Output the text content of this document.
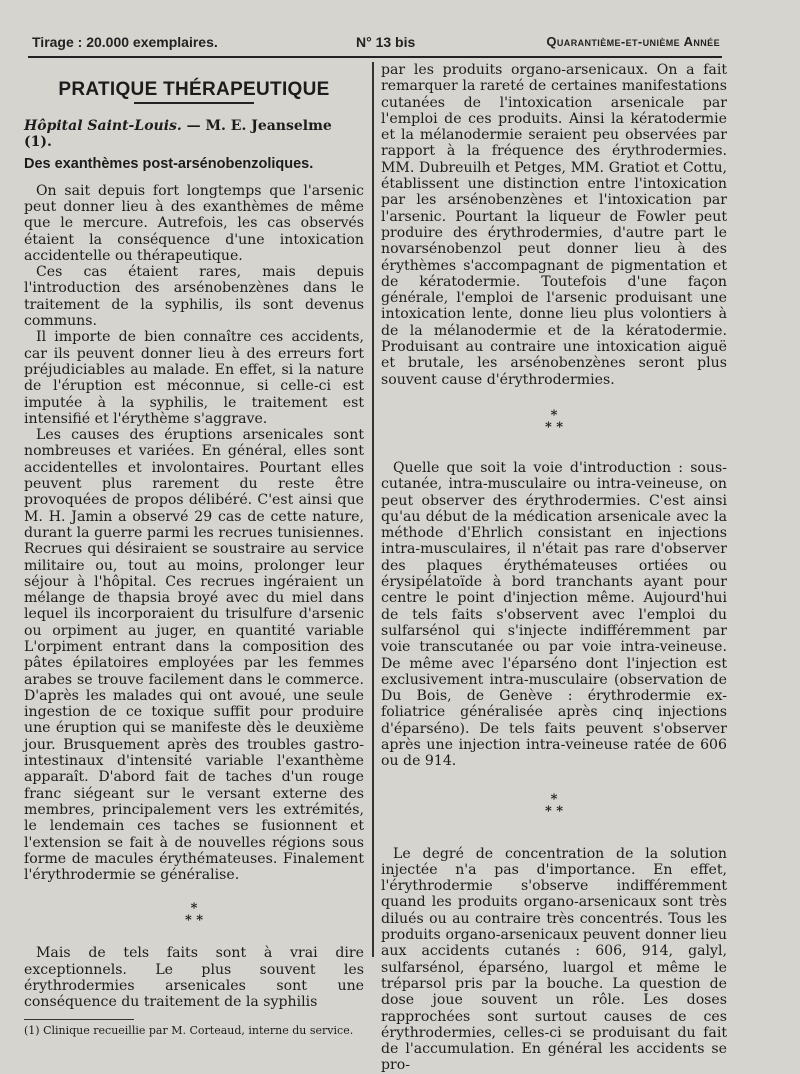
Tirage : 20.000 exemplaires.	N° 13 bis	Quarantième-et-unième Année
PRATIQUE THÉRAPEUTIQUE
Hôpital Saint-Louis. — M. E. Jeanselme (1).
Des exanthèmes post-arsénobenzoliques.

On sait depuis fort longtemps que l'arsenic peut donner lieu à des exanthèmes de même que le mercure. Autrefois, les cas observés étaient la conséquence d'une intoxication accidentelle ou thérapeutique.

Ces cas étaient rares, mais depuis l'introduction des arsénobenzènes dans le traitement de la syphilis, ils sont devenus communs.

Il importe de bien connaître ces accidents, car ils peuvent donner lieu à des erreurs fort préjudiciables au malade. En effet, si la nature de l'éruption est méconnue, si celle-ci est imputée à la syphilis, le traitement est intensifié et l'érythème s'aggrave.

Les causes des éruptions arsenicales sont nombreuses et variées. En général, elles sont accidentelles et involontaires. Pourtant elles peuvent plus rarement du reste être provoquées de propos délibéré. C'est ainsi que M. H. Jamin a observé 29 cas de cette nature, durant la guerre parmi les recrues tunisiennes. Recrues qui désiraient se soustraire au service militaire ou, tout au moins, prolonger leur séjour à l'hôpital. Ces recrues ingéraient un mélange de thapsia broyé avec du miel dans lequel ils incorporaient du trisulfure d'arsenic ou orpiment au juger, en quantité variable L'orpiment entrant dans la composition des pâtes épilatoires employées par les femmes arabes se trouve facilement dans le commerce. D'après les malades qui ont avoué, une seule ingestion de ce toxique suffit pour produire une éruption qui se manifeste dès le deuxième jour. Brusquement après des troubles gastro-intestinaux d'intensité variable l'exanthème apparaît. D'abord fait de taches d'un rouge franc siégeant sur le versant externe des membres, principalement vers les extrémités, le lendemain ces taches se fusionnent et l'extension se fait à de nouvelles régions sous forme de macules érythémateuses. Finalement l'érythrodermie se généralise.

*
* *

Mais de tels faits sont à vrai dire exceptionnels. Le plus souvent les érythrodermies arsenicales sont une conséquence du traitement de la syphilis

(1) Clinique recueillie par M. Corteaud, interne du service.

par les produits organo-arsenicaux. On a fait remarquer la rareté de certaines manifestations cutanées de l'intoxication arsenicale par l'emploi de ces produits. Ainsi la kératodermie et la mélanodermie seraient peu observées par rapport à la fréquence des érythrodermies. MM. Dubreuilh et Petges, MM. Gratiot et Cottu, établissent une distinction entre l'intoxication par les arsénobenzènes et l'intoxication par l'arsenic. Pourtant la liqueur de Fowler peut produire des érythrodermies, d'autre part le novarsénobenzol peut donner lieu à des érythèmes s'accompagnant de pigmentation et de kératodermie. Toutefois d'une façon générale, l'emploi de l'arsenic produisant une intoxication lente, donne lieu plus volontiers à de la mélanodermie et de la kératodermie. Produisant au contraire une intoxication aiguë et brutale, les arsénobenzènes seront plus souvent cause d'érythrodermies.

*
* *

Quelle que soit la voie d'introduction : sous-cutanée, intra-musculaire ou intra-veineuse, on peut observer des érythrodermies. C'est ainsi qu'au début de la médication arsenicale avec la méthode d'Ehrlich consistant en injections intra-musculaires, il n'était pas rare d'observer des plaques érythémateuses ortiées ou érysipélatoïde à bord tranchants ayant pour centre le point d'injection même. Aujourd'hui de tels faits s'observent avec l'emploi du sulfarsénol qui s'injecte indifféremment par voie transcutanée ou par voie intra-veineuse. De même avec l'éparséno dont l'injection est exclusivement intra-musculaire (observation de Du Bois, de Genève : érythrodermie ex-foliatrice généralisée après cinq injections d'éparséno). De tels faits peuvent s'observer après une injection intra-veineuse ratée de 606 ou de 914.

*
* *

Le degré de concentration de la solution injectée n'a pas d'importance. En effet, l'érythrodermie s'observe indifféremment quand les produits organo-arsenicaux sont très dilués ou au contraire très concentrés. Tous les produits organo-arsenicaux peuvent donner lieu aux accidents cutanés : 606, 914, galyl, sulfarsénol, éparséno, luargol et même le tréparsol pris par la bouche. La question de dose joue souvent un rôle. Les doses rapprochées sont surtout causes de ces érythrodermies, celles-ci se produisant du fait de l'accumulation. En général les accidents se pro-
